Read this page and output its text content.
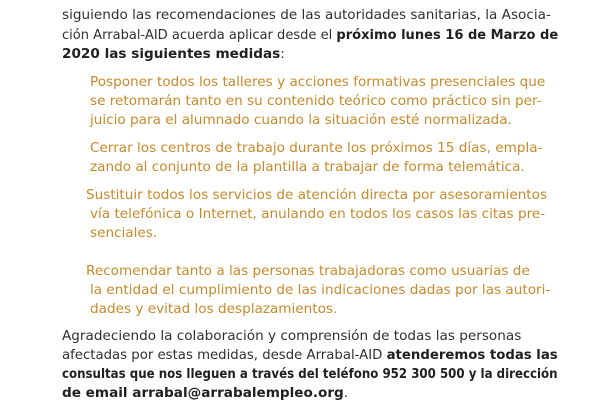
siguiendo las recomendaciones de las autoridades sanitarias, la Asocia-
ción Arrabal-AID acuerda aplicar desde el próximo lunes 16 de Marzo de
2020 las siguientes medidas:
Posponer todos los talleres y acciones formativas presenciales que
se retomarán tanto en su contenido teórico como práctico sin per-
juicio para el alumnado cuando la situación esté normalizada.
Cerrar los centros de trabajo durante los próximos 15 días, empla-
zando al conjunto de la plantilla a trabajar de forma telemática.
Sustituir todos los servicios de atención directa por asesoramientos
vía telefónica o Internet, anulando en todos los casos las citas pre-
senciales.
Recomendar tanto a las personas trabajadoras como usuarias de
la entidad el cumplimiento de las indicaciones dadas por las autori-
dades y evitad los desplazamientos.
Agradeciendo la colaboración y comprensión de todas las personas
afectadas por estas medidas, desde Arrabal-AID atenderemos todas las
consultas que nos lleguen a través del teléfono 952 300 500 y la dirección
de email arrabal@arrabalempleo.org.
